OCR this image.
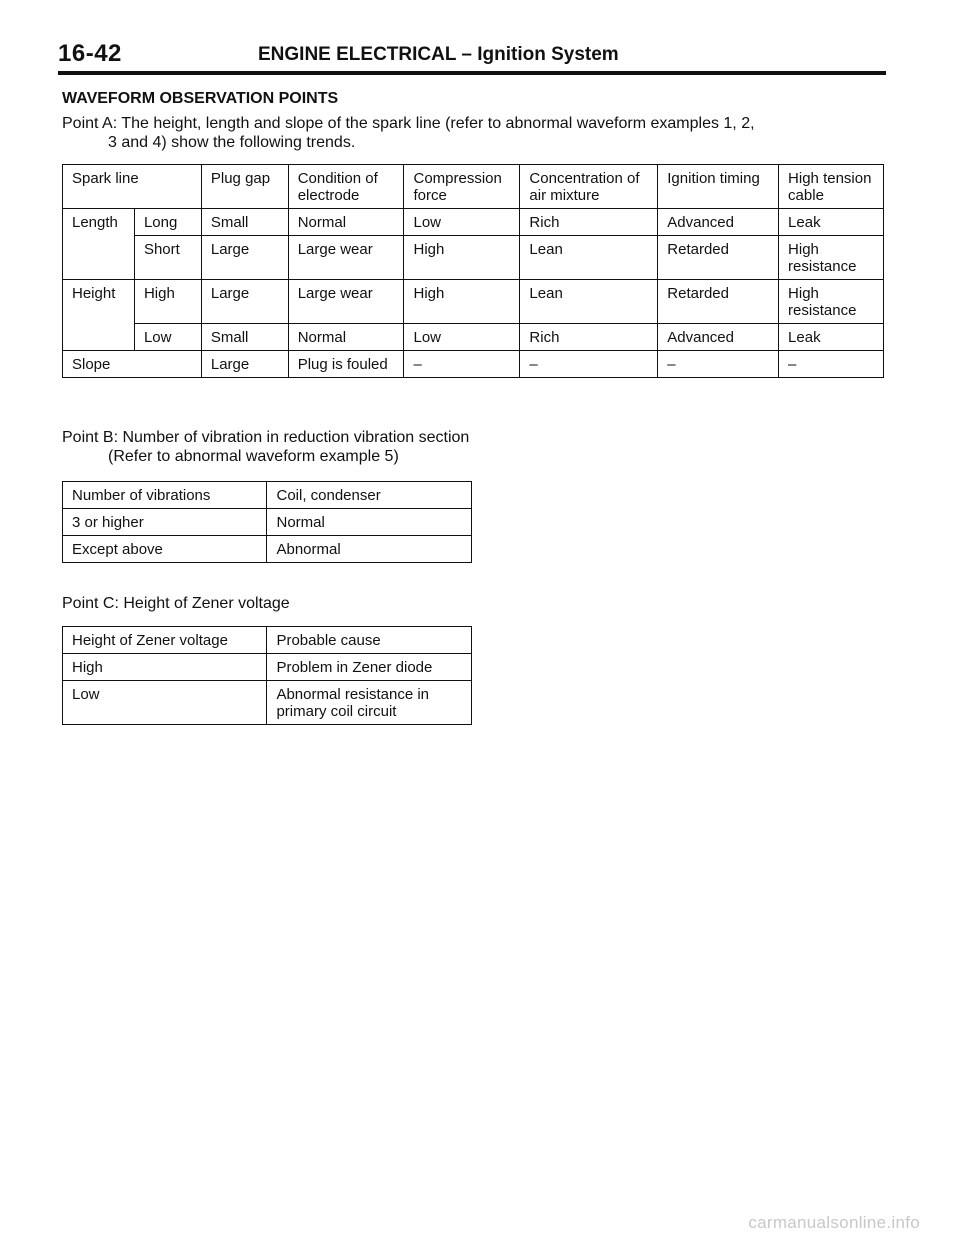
16-42	ENGINE ELECTRICAL – Ignition System
WAVEFORM OBSERVATION POINTS
Point A: The height, length and slope of the spark line (refer to abnormal waveform examples 1, 2,
3 and 4) show the following trends.
Spark line		Plug gap	Condition of electrode	Compression force	Concentration of air mixture	Ignition timing	High tension cable
Length	Long	Small	Normal	Low	Rich	Advanced	Leak
	Short	Large	Large wear	High	Lean	Retarded	High resistance
Height	High	Large	Large wear	High	Lean	Retarded	High resistance
	Low	Small	Normal	Low	Rich	Advanced	Leak
Slope		Large	Plug is fouled	–	–	–	–
Point B: Number of vibration in reduction vibration section
(Refer to abnormal waveform example 5)
Number of vibrations	Coil, condenser
3 or higher	Normal
Except above	Abnormal
Point C: Height of Zener voltage
Height of Zener voltage	Probable cause
High	Problem in Zener diode
Low	Abnormal resistance in primary coil circuit
carmanualsonline.info
